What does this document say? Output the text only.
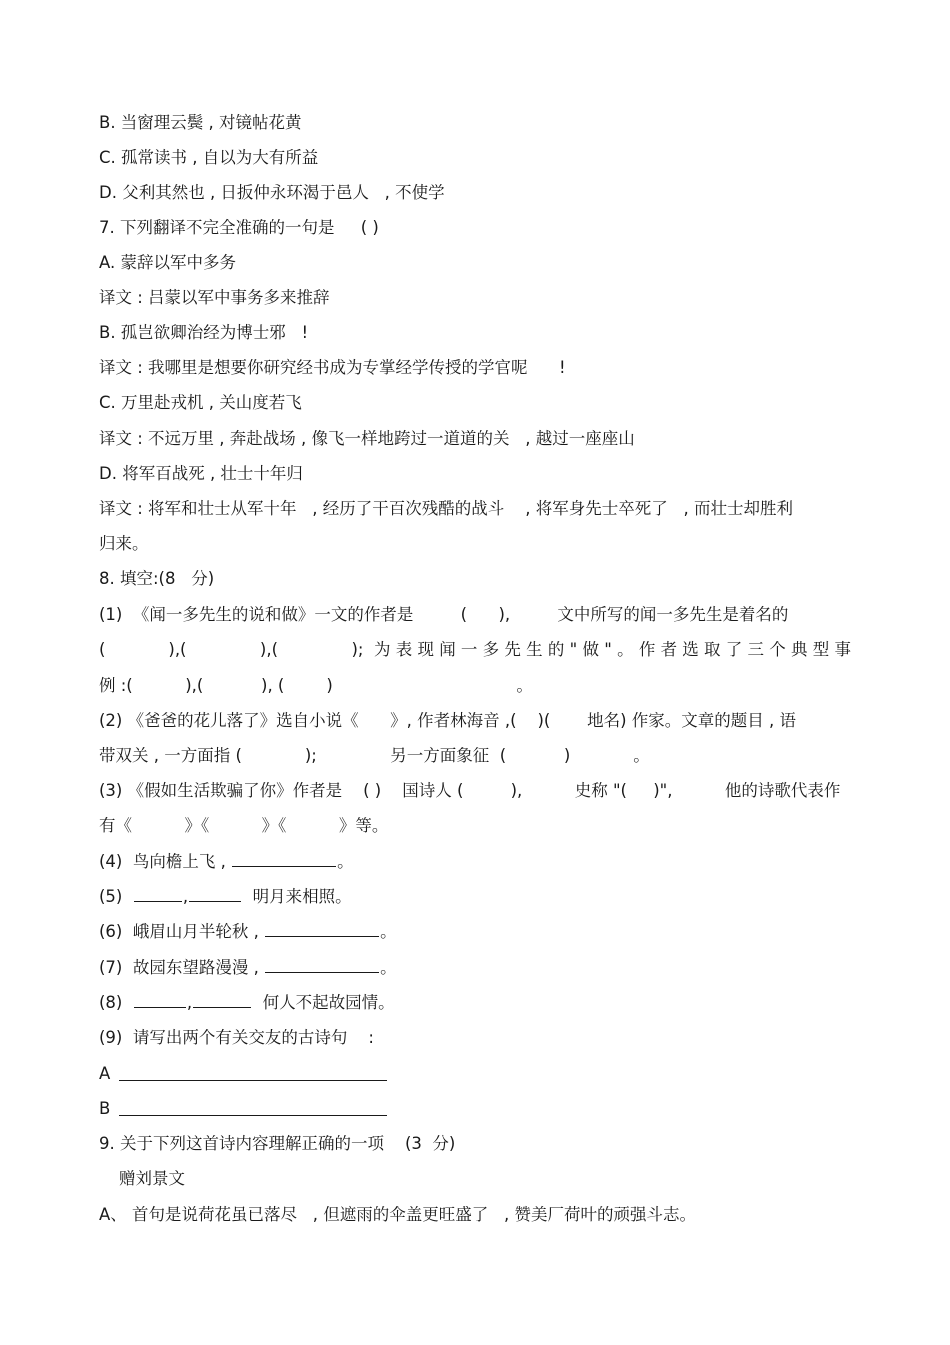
B. 当窗理云鬓 , 对镜帖花黄
C. 孤常读书 , 自以为大有所益
D. 父利其然也 , 日扳仲永环渴于邑人   , 不使学
7. 下列翻译不完全准确的一句是     ( )
A. 蒙辞以军中多务
译文 : 吕蒙以军中事务多来推辞
B. 孤岂欲卿治经为博士邪   !
译文 : 我哪里是想要你研究经书成为专掌经学传授的学官呢      !
C. 万里赴戎机 , 关山度若飞
译文 : 不远万里 , 奔赴战场 , 像飞一样地跨过一道道的关   , 越过一座座山
D. 将军百战死 , 壮士十年归
译文 : 将军和壮士从军十年   , 经历了干百次残酷的战斗    , 将军身先士卒死了   , 而壮士却胜利
归来。
8. 填空:(8   分)
(1)  《闻一多先生的说和做》一文的作者是         (      ),         文中所写的闻一多先生是着名的
(            ),(              ),(              );  为 表 现 闻 一 多 先 生 的 " 做 " 。 作 者 选 取 了 三 个 典 型 事
例 :(          ),(           ), (        )                                   。
(2) 《爸爸的花儿落了》选自小说《      》, 作者林海音 ,(    )(       地名) 作家。文章的题目 , 语
带双关 , 一方面指 (            );              另一方面象征  (           )            。
(3) 《假如生活欺骗了你》作者是    ( )    国诗人 (         ),          史称 "(     )",          他的诗歌代表作
有《          》《          》《          》等。
(4)  鸟向檐上飞 ,	。
(5)	,	明月来相照。
(6)  峨眉山月半轮秋 ,	。
(7)  故园东望路漫漫 ,	。
(8)	,	何人不起故园情。
(9)  请写出两个有关交友的古诗句    :
A
B
9. 关于下列这首诗内容理解正确的一项    (3  分)
赠刘景文
A、 首句是说荷花虽已落尽   , 但遮雨的伞盖更旺盛了   , 赞美厂荷叶的顽强斗志。
